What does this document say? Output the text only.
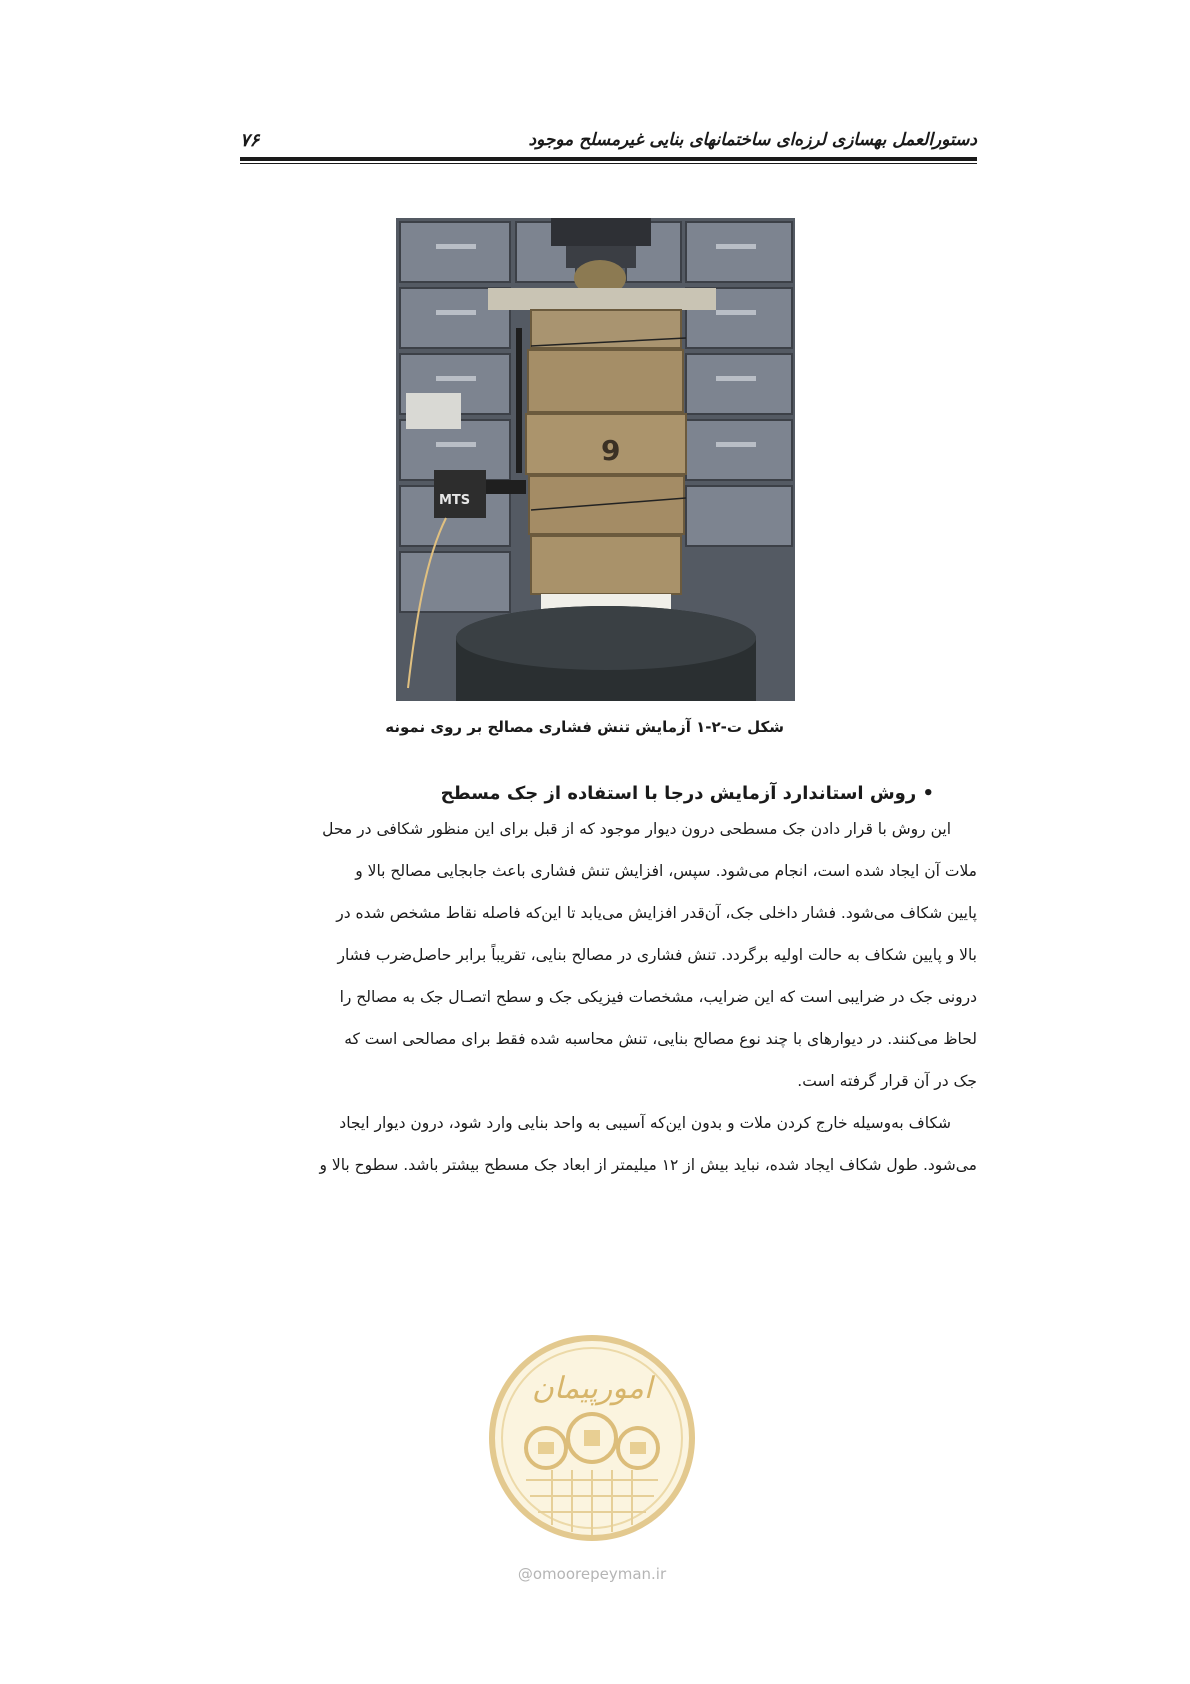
۷۶	دستورالعمل بهسازی لرزه‌ای ساختمانهای بنایی غیرمسلح موجود
9
MTS
شکل ت-۲-۱ آزمایش تنش فشاری مصالح بر روی نمونه
• روش استاندارد آزمایش درجا با استفاده از جک مسطح
این روش با قرار دادن جک مسطحی درون دیوار موجود که از قبل برای این منظور شکافی در محل
ملات آن ایجاد شده است، انجام می‌شود. سپس، افزایش تنش فشاری باعث جابجایی مصالح بالا و
پایین شکاف می‌شود. فشار داخلی جک، آن‌قدر افزایش می‌یابد تا این‌که فاصله نقاط مشخص شده در
بالا و پایین شکاف به حالت اولیه برگردد. تنش فشاری در مصالح بنایی، تقریباً برابر حاصل‌ضرب فشار
درونی جک در ضرایبی است که این ضرایب، مشخصات فیزیکی جک و سطح اتصـال جک به مصالح را
لحاظ می‌کنند. در دیوارهای با چند نوع مصالح بنایی، تنش محاسبه شده فقط برای مصالحی است که
جک در آن قرار گرفته است.
شکاف به‌وسیله خارج کردن ملات و بدون این‌که آسیبی به واحد بنایی وارد شود، درون دیوار ایجاد
می‌شود. طول شکاف ایجاد شده، نباید بیش از ۱۲ میلیمتر از ابعاد جک مسطح بیشتر باشد. سطوح بالا و
امورپیمان
@omoorepeyman.ir
